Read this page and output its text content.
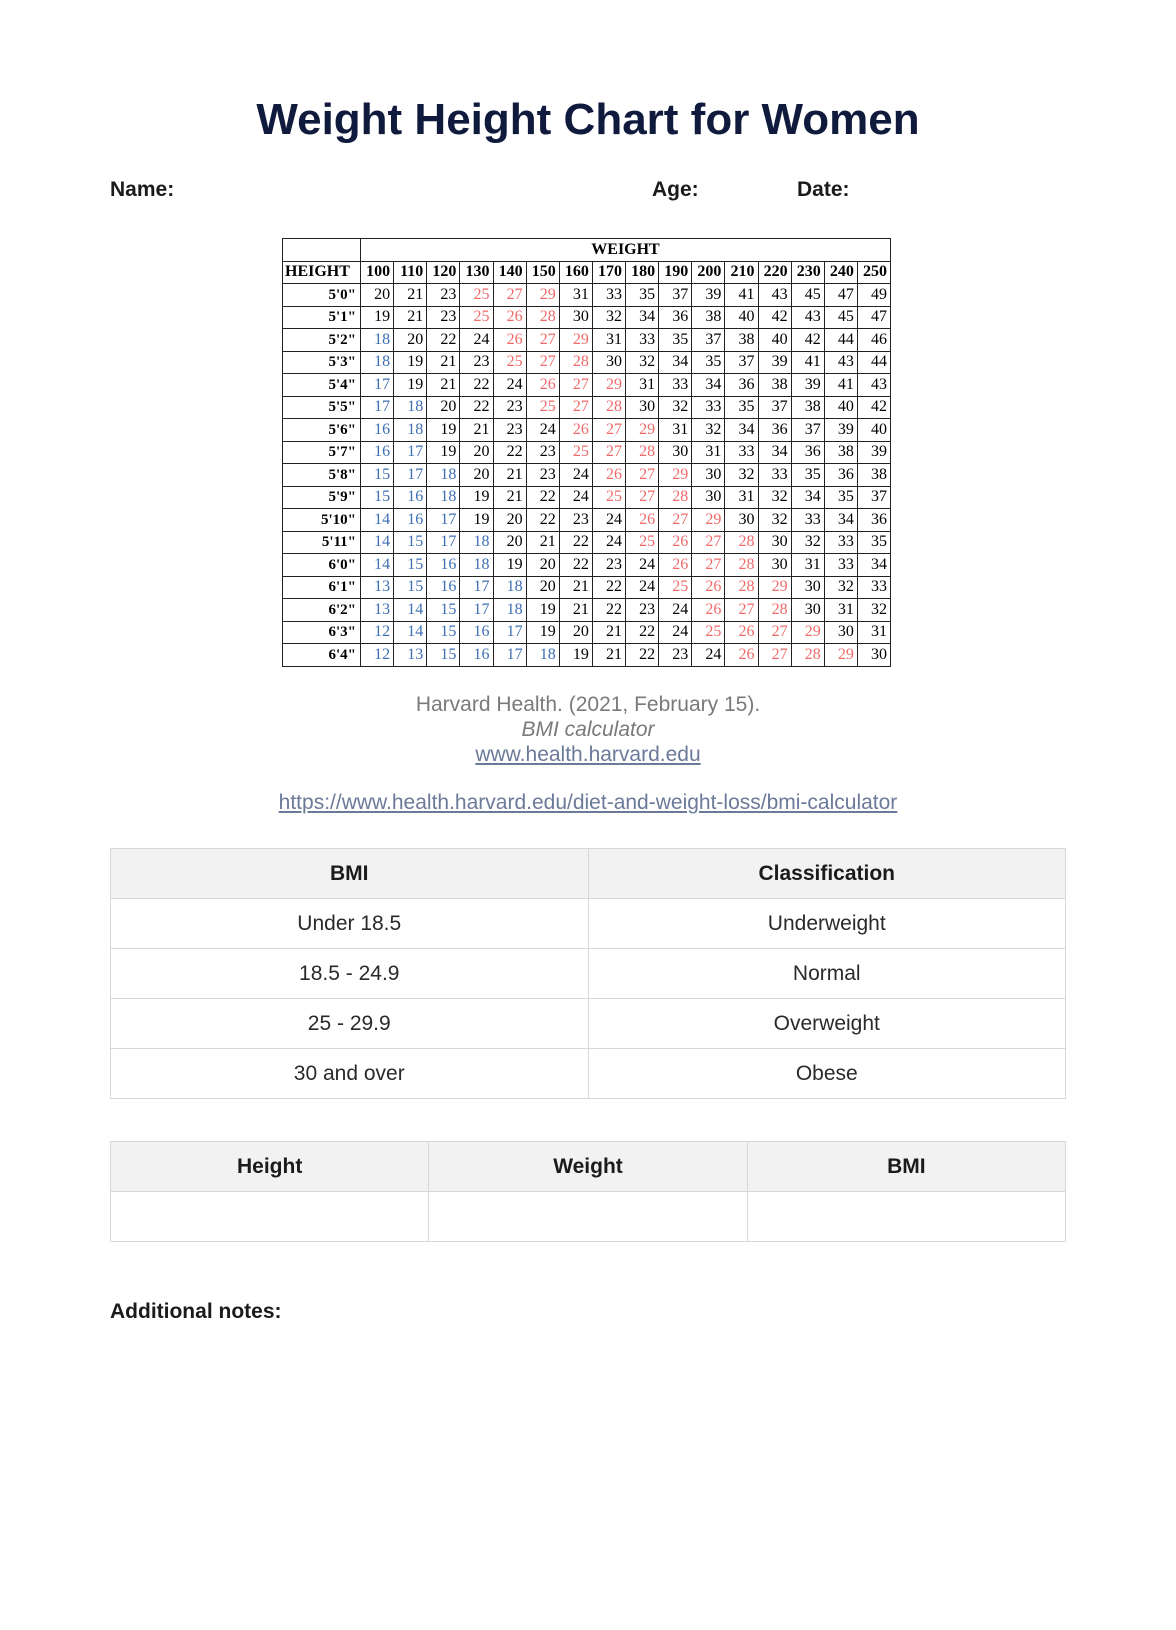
Weight Height Chart for Women
Name:	Age:	Date:
	WEIGHT															
HEIGHT	100	110	120	130	140	150	160	170	180	190	200	210	220	230	240	250
5'0"	20	21	23	25	27	29	31	33	35	37	39	41	43	45	47	49
5'1"	19	21	23	25	26	28	30	32	34	36	38	40	42	43	45	47
5'2"	18	20	22	24	26	27	29	31	33	35	37	38	40	42	44	46
5'3"	18	19	21	23	25	27	28	30	32	34	35	37	39	41	43	44
5'4"	17	19	21	22	24	26	27	29	31	33	34	36	38	39	41	43
5'5"	17	18	20	22	23	25	27	28	30	32	33	35	37	38	40	42
5'6"	16	18	19	21	23	24	26	27	29	31	32	34	36	37	39	40
5'7"	16	17	19	20	22	23	25	27	28	30	31	33	34	36	38	39
5'8"	15	17	18	20	21	23	24	26	27	29	30	32	33	35	36	38
5'9"	15	16	18	19	21	22	24	25	27	28	30	31	32	34	35	37
5'10"	14	16	17	19	20	22	23	24	26	27	29	30	32	33	34	36
5'11"	14	15	17	18	20	21	22	24	25	26	27	28	30	32	33	35
6'0"	14	15	16	18	19	20	22	23	24	26	27	28	30	31	33	34
6'1"	13	15	16	17	18	20	21	22	24	25	26	28	29	30	32	33
6'2"	13	14	15	17	18	19	21	22	23	24	26	27	28	30	31	32
6'3"	12	14	15	16	17	19	20	21	22	24	25	26	27	29	30	31
6'4"	12	13	15	16	17	18	19	21	22	23	24	26	27	28	29	30
Harvard Health. (2021, February 15).
BMI calculator
www.health.harvard.edu
https://www.health.harvard.edu/diet-and-weight-loss/bmi-calculator
BMI	Classification
Under 18.5	Underweight
18.5 - 24.9	Normal
25 - 29.9	Overweight
30 and over	Obese
Height	Weight	BMI

Additional notes:
